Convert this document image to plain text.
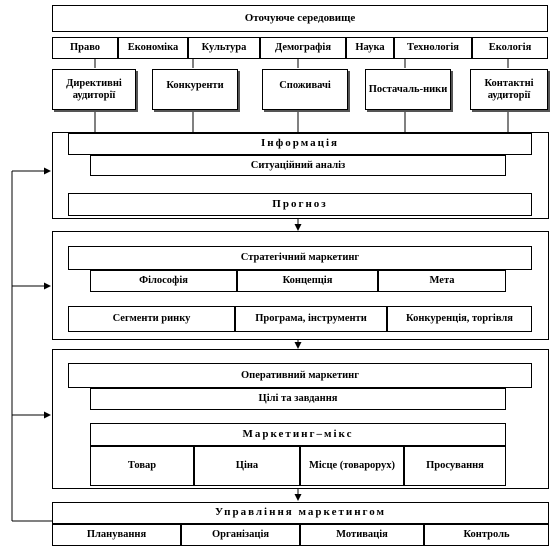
Оточуюче середовище
Право	Економіка	Культура	Демографія	Наука	Технологія	Екологія
Директивні аудиторії
Конкуренти	Споживачі	Постачаль-ники	Контактні аудиторії
Інформація
Ситуаційний аналіз
Прогноз
Стратегічний маркетинг
Філософія	Концепція	Мета
Сегменти ринку	Програма, інструменти	Конкуренція, торгівля
Оперативний маркетинг
Цілі та завдання
Маркетинг–мікс
Товар	Ціна	Місце (товарорух)	Просування
Управління маркетингом
Планування	Організація	Мотивація	Контроль
